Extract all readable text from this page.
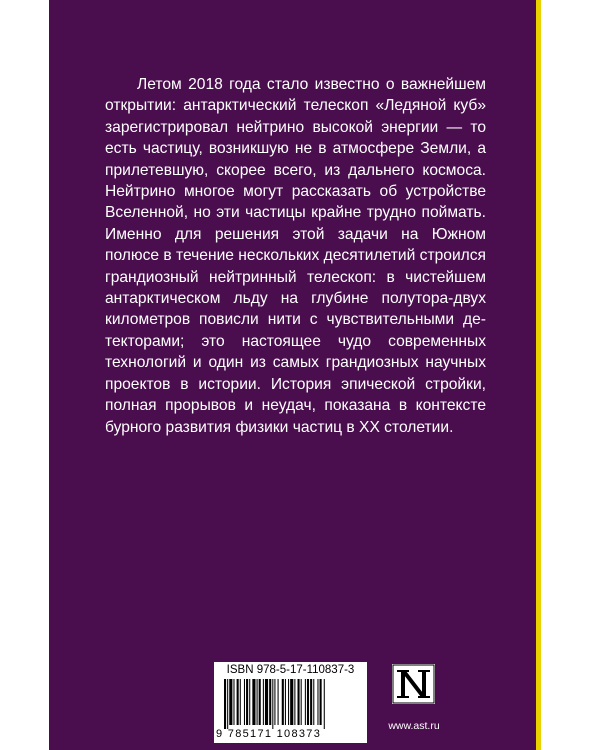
Летом 2018 года стало известно о важнейшем открытии: антарктический телескоп «Ледяной куб» зарегистрировал нейтрино высокой энергии — то есть частицу, возникшую не в атмосфере Земли, а прилетевшую, скорее всего, из дальнего космоса. Нейтрино многое могут рассказать об устройстве Вселенной, но эти частицы крайне трудно поймать. Именно для решения этой задачи на Южном полюсе в течение нескольких десятилетий строился грандиозный нейтринный телескоп: в чистейшем антарктическом льду на глубине полутора-двух километров повисли нити с чувствительными детекторами; это настоящее чудо современных технологий и один из самых грандиозных научных проектов в истории. История эпической стройки, полная прорывов и неудач, показана в контексте бурного развития физики частиц в XX столетии.

ISBN 978-5-17-110837-3
9 785171 108373
www.ast.ru
